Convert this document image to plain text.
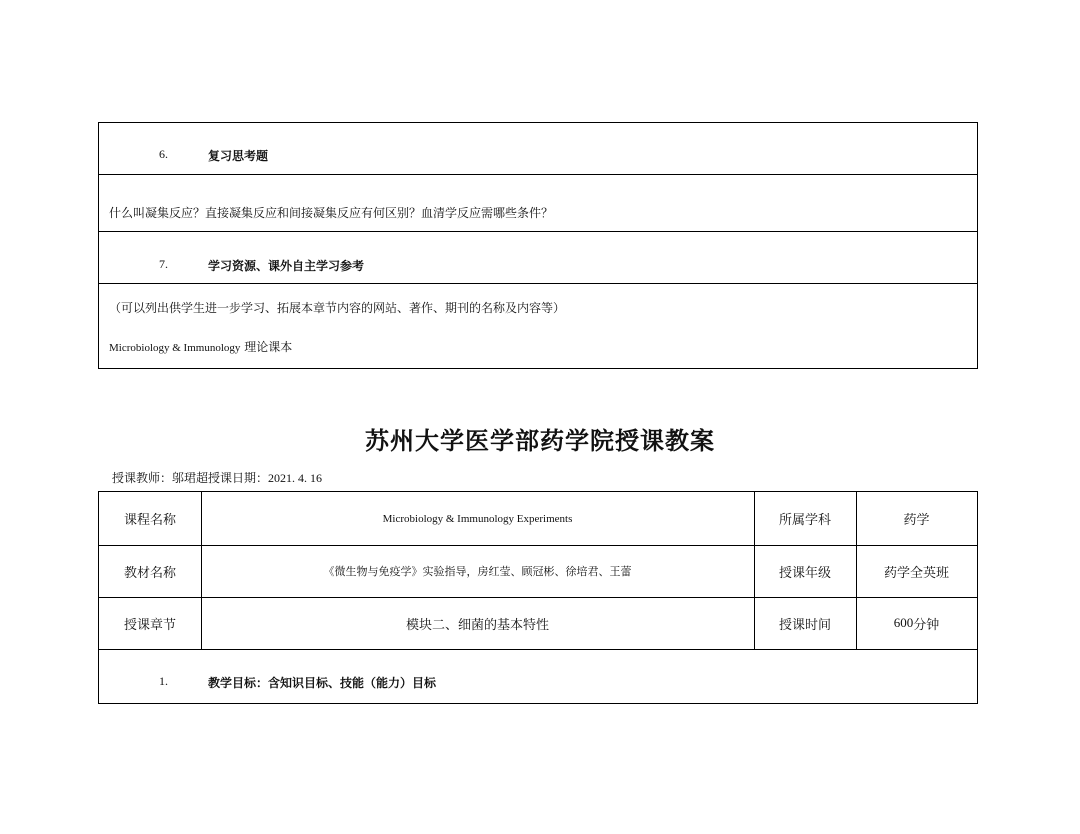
6.	复习思考题
什么叫凝集反应？直接凝集反应和间接凝集反应有何区别？血清学反应需哪些条件？
7.	学习资源、课外自主学习参考
（可以列出供学生进一步学习、拓展本章节内容的网站、著作、期刊的名称及内容等）
Microbiology & Immunology 理论课本
苏州大学医学部药学院授课教案
授课教师：邬珺超授课日期：2021. 4. 16
课程名称	Microbiology & Immunology Experiments	所属学科	药学
教材名称	《微生物与免疫学》实验指导，房红莹、顾冠彬、徐培君、王蕾	授课年级	药学全英班
授课章节	模块二、细菌的基本特性	授课时间	600 分钟
1.	教学目标：含知识目标、技能（能力）目标
